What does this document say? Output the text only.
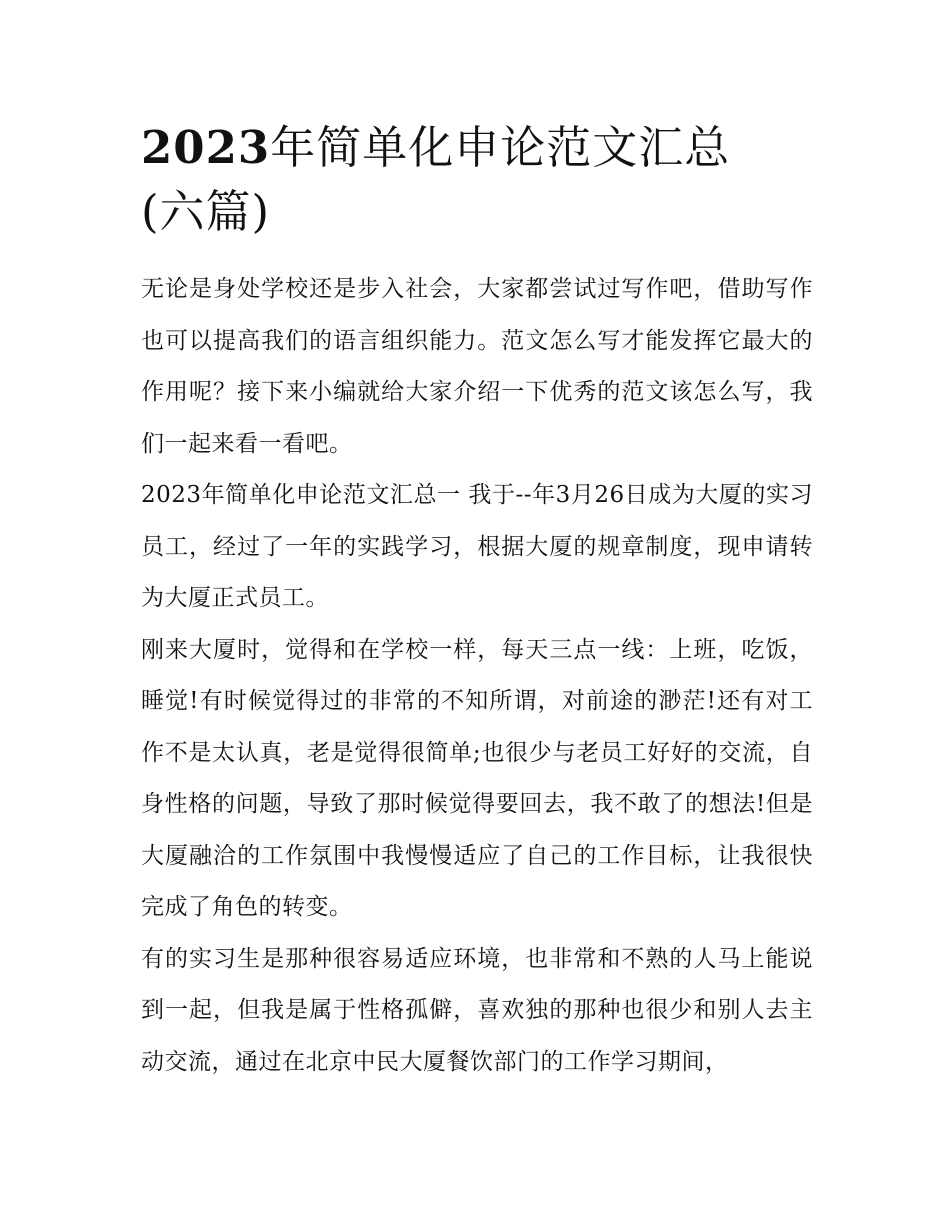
2023年简单化申论范文汇总
(六篇)

无论是身处学校还是步入社会，大家都尝试过写作吧，借助写作也可以提高我们的语言组织能力。范文怎么写才能发挥它最大的作用呢？接下来小编就给大家介绍一下优秀的范文该怎么写，我们一起来看一看吧。

2023年简单化申论范文汇总一 我于--年3月26日成为大厦的实习员工，经过了一年的实践学习，根据大厦的规章制度，现申请转为大厦正式员工。

刚来大厦时，觉得和在学校一样，每天三点一线：上班，吃饭，睡觉!有时候觉得过的非常的不知所谓，对前途的渺茫!还有对工作不是太认真，老是觉得很简单;也很少与老员工好好的交流，自身性格的问题，导致了那时候觉得要回去，我不敢了的想法!但是大厦融洽的工作氛围中我慢慢适应了自己的工作目标，让我很快完成了角色的转变。

有的实习生是那种很容易适应环境，也非常和不熟的人马上能说到一起，但我是属于性格孤僻，喜欢独的那种也很少和别人去主动交流，通过在北京中民大厦餐饮部门的工作学习期间，
